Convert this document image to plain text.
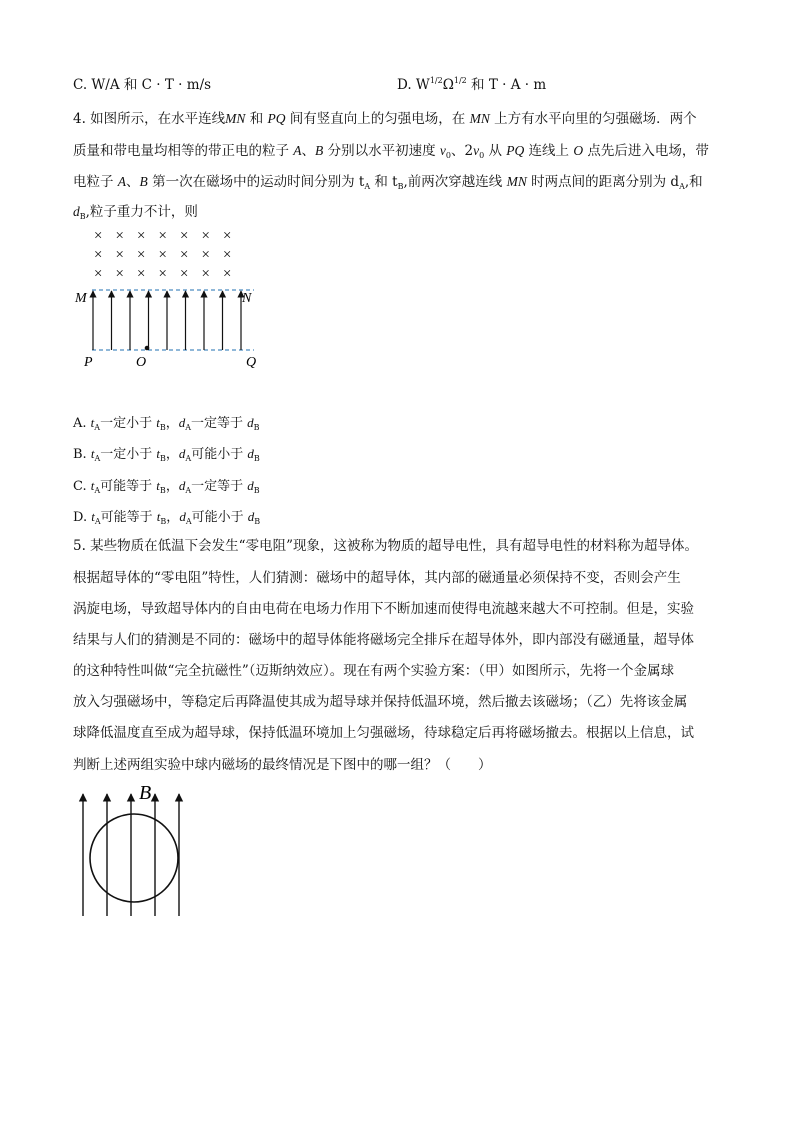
C. W/A 和 C · T · m/s	D. $W^{1/2}\Omega^{1/2}$ 和 T · A · m
4. 如图所示，在水平连线MN 和 PQ 间有竖直向上的匀强电场，在 MN 上方有水平向里的匀强磁场．两个
质量和带电量均相等的带正电的粒子 A、B 分别以水平初速度 $v_0$、$2v_0$ 从 PQ 连线上 O 点先后进入电场，带
电粒子 A、B 第一次在磁场中的运动时间分别为 $t_A$ 和 $t_B$,前两次穿越连线 MN 时两点间的距离分别为 $d_A$,和
$d_B$,粒子重力不计，则
× × × × × × ×
× × × × × × ×
× × × × × × ×
M	N
P	O	Q
A. $t_A$一定小于 $t_B$，$d_A$一定等于 $d_B$
B. $t_A$一定小于 $t_B$，$d_A$可能小于 $d_B$
C. $t_A$可能等于 $t_B$，$d_A$一定等于 $d_B$
D. $t_A$可能等于 $t_B$，$d_A$可能小于 $d_B$
5. 某些物质在低温下会发生“零电阻”现象，这被称为物质的超导电性，具有超导电性的材料称为超导体。
根据超导体的“零电阻”特性，人们猜测：磁场中的超导体，其内部的磁通量必须保持不变，否则会产生
涡旋电场，导致超导体内的自由电荷在电场力作用下不断加速而使得电流越来越大不可控制。但是，实验
结果与人们的猜测是不同的：磁场中的超导体能将磁场完全排斥在超导体外，即内部没有磁通量，超导体
的这种特性叫做“完全抗磁性”（迈斯纳效应）。现在有两个实验方案：（甲）如图所示，先将一个金属球
放入匀强磁场中，等稳定后再降温使其成为超导球并保持低温环境，然后撤去该磁场；（乙）先将该金属
球降低温度直至成为超导球，保持低温环境加上匀强磁场，待球稳定后再将磁场撤去。根据以上信息，试
判断上述两组实验中球内磁场的最终情况是下图中的哪一组？（　　）
B
